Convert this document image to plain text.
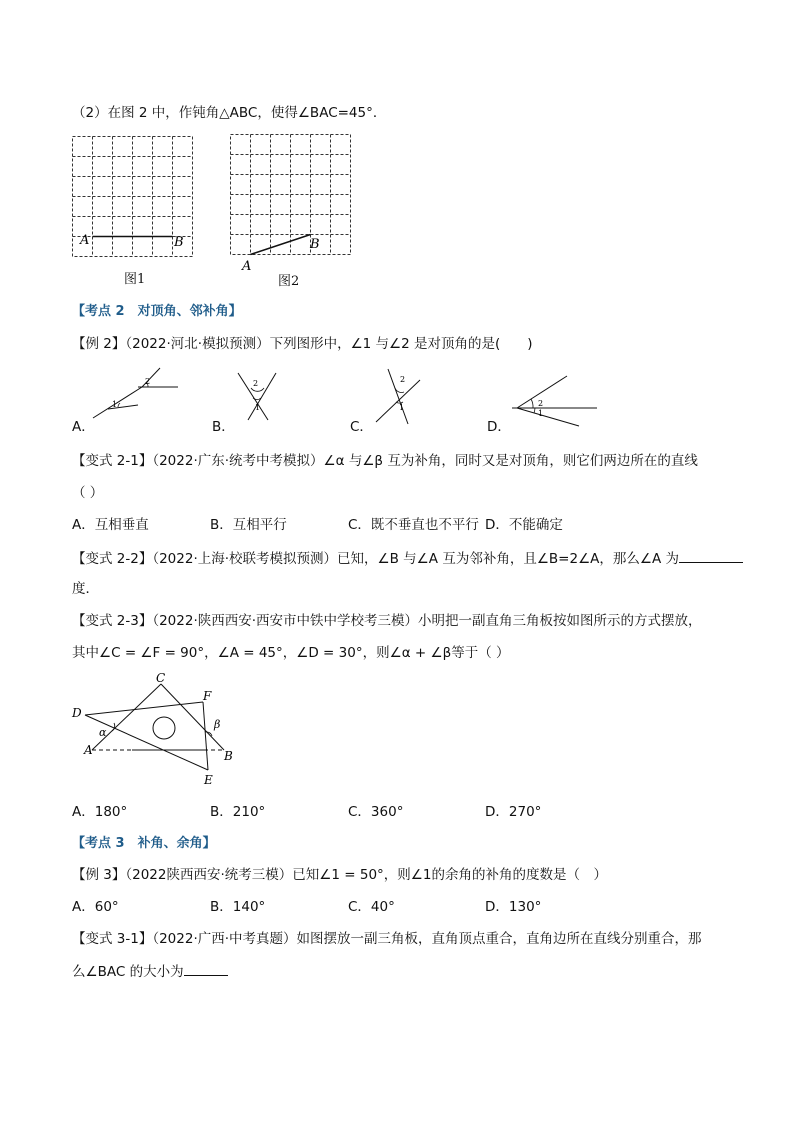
（2）在图 2 中，作钝角△ABC，使得∠BAC=45°．
A	B
图1
A
B
图2
【考点 2　对顶角、邻补角】
【例 2】（2022·河北·模拟预测）下列图形中，∠1 与∠2 是对顶角的是(　　)
A．
2
1
B．
2
1
C．
2
1
D．
2
1
【变式 2-1】（2022·广东·统考中考模拟）∠α 与∠β 互为补角，同时又是对顶角，则它们两边所在的直线
（ ）
A．互相垂直	B．互相平行	C．既不垂直也不平行 D．不能确定
【变式 2-2】（2022·上海·校联考模拟预测）已知，∠B 与∠A 互为邻补角，且∠B=2∠A，那么∠A 为
度．
【变式 2-3】（2022·陕西西安·西安市中铁中学校考三模）小明把一副直角三角板按如图所示的方式摆放，
其中∠C = ∠F = 90°，∠A = 45°，∠D = 30°，则∠α + ∠β等于（ ）
C
F
D
A	B
E
α
β
A．180°	B．210°	C．360°	D．270°
【考点 3　补角、余角】
【例 3】（2022陕西西安·统考三模）已知∠1 = 50°，则∠1的余角的补角的度数是（　）
A．60°	B．140°	C．40°	D．130°
【变式 3-1】（2022·广西·中考真题）如图摆放一副三角板，直角顶点重合，直角边所在直线分别重合，那
么∠BAC 的大小为
